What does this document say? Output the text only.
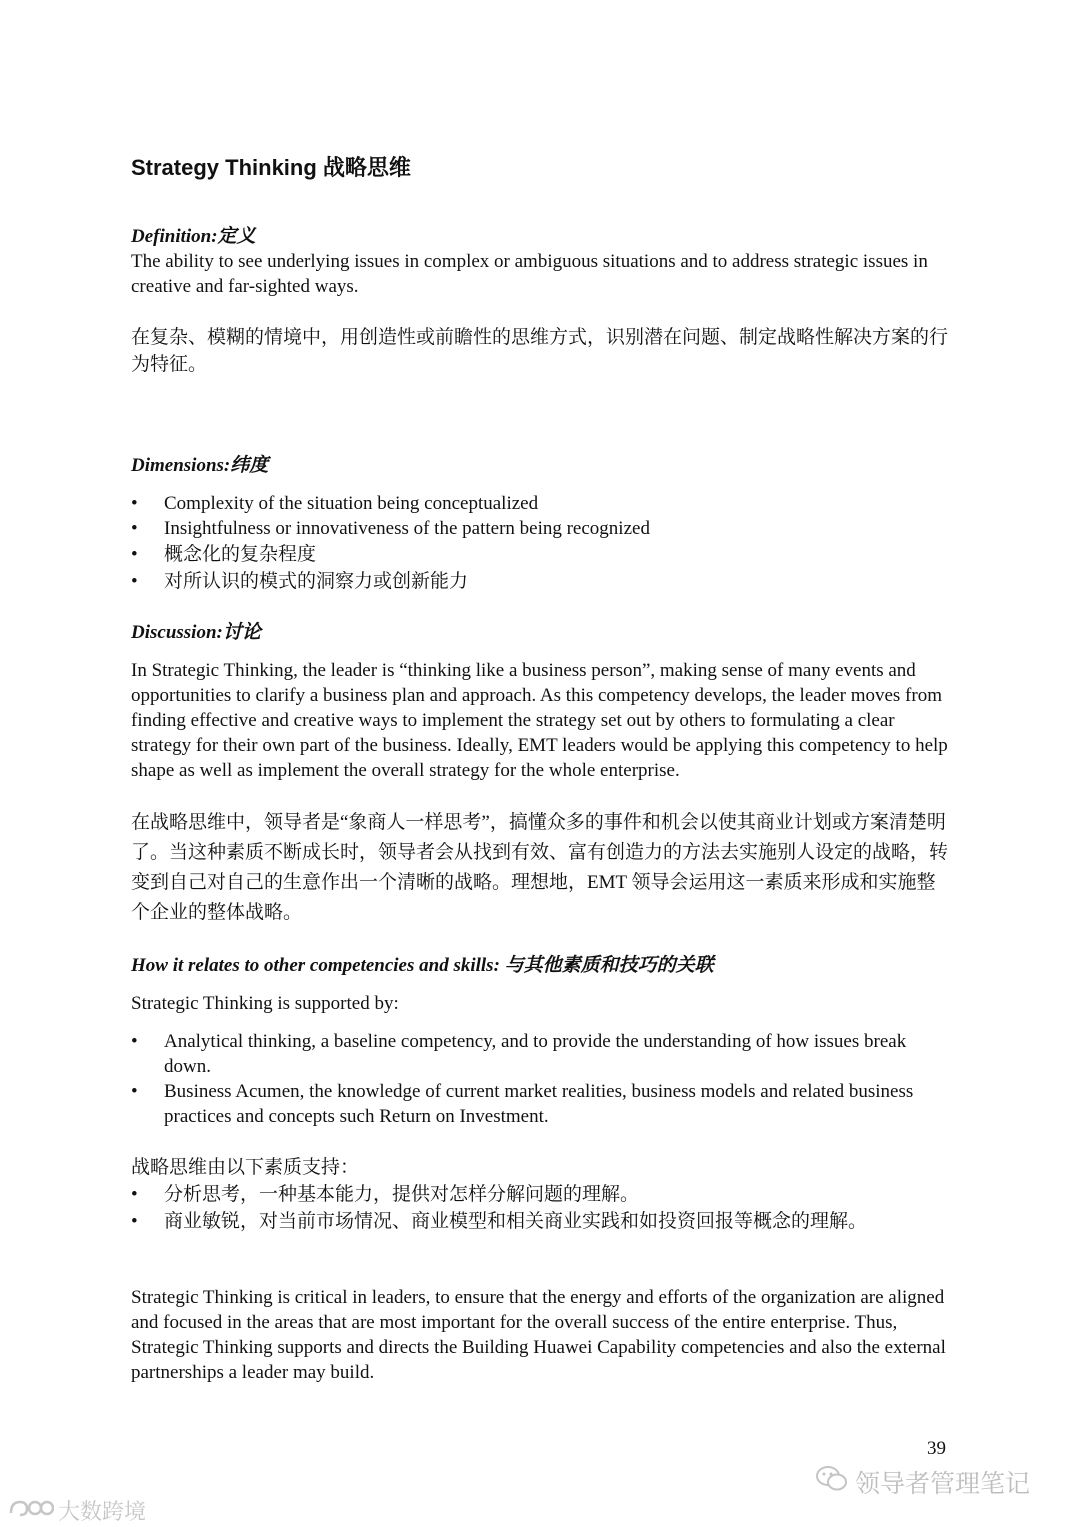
Strategy Thinking 战略思维
Definition:定义

The ability to see underlying issues in complex or ambiguous situations and to address strategic issues in creative and far-sighted ways.

在复杂、模糊的情境中，用创造性或前瞻性的思维方式，识别潜在问题、制定战略性解决方案的行为特征。

Dimensions:纬度
• Complexity of the situation being conceptualized
• Insightfulness or innovativeness of the pattern being recognized
• 概念化的复杂程度
• 对所认识的模式的洞察力或创新能力
Discussion:讨论

In Strategic Thinking, the leader is “thinking like a business person”, making sense of many events and opportunities to clarify a business plan and approach. As this competency develops, the leader moves from finding effective and creative ways to implement the strategy set out by others to formulating a clear strategy for their own part of the business. Ideally, EMT leaders would be applying this competency to help shape as well as implement the overall strategy for the whole enterprise.

在战略思维中，领导者是“象商人一样思考”，搞懂众多的事件和机会以使其商业计划或方案清楚明了。当这种素质不断成长时，领导者会从找到有效、富有创造力的方法去实施别人设定的战略，转变到自己对自己的生意作出一个清晰的战略。理想地，EMT 领导会运用这一素质来形成和实施整个企业的整体战略。

How it relates to other competencies and skills: 与其他素质和技巧的关联

Strategic Thinking is supported by:

• Analytical thinking, a baseline competency, and to provide the understanding of how issues break down.
• Business Acumen, the knowledge of current market realities, business models and related business practices and concepts such Return on Investment.

战略思维由以下素质支持：

• 分析思考，一种基本能力，提供对怎样分解问题的理解。
• 商业敏锐，对当前市场情况、商业模型和相关商业实践和如投资回报等概念的理解。

Strategic Thinking is critical in leaders, to ensure that the energy and efforts of the organization are aligned and focused in the areas that are most important for the overall success of the entire enterprise. Thus, Strategic Thinking supports and directs the Building Huawei Capability competencies and also the external partnerships a leader may build.

39
领导者管理笔记
大数跨境
